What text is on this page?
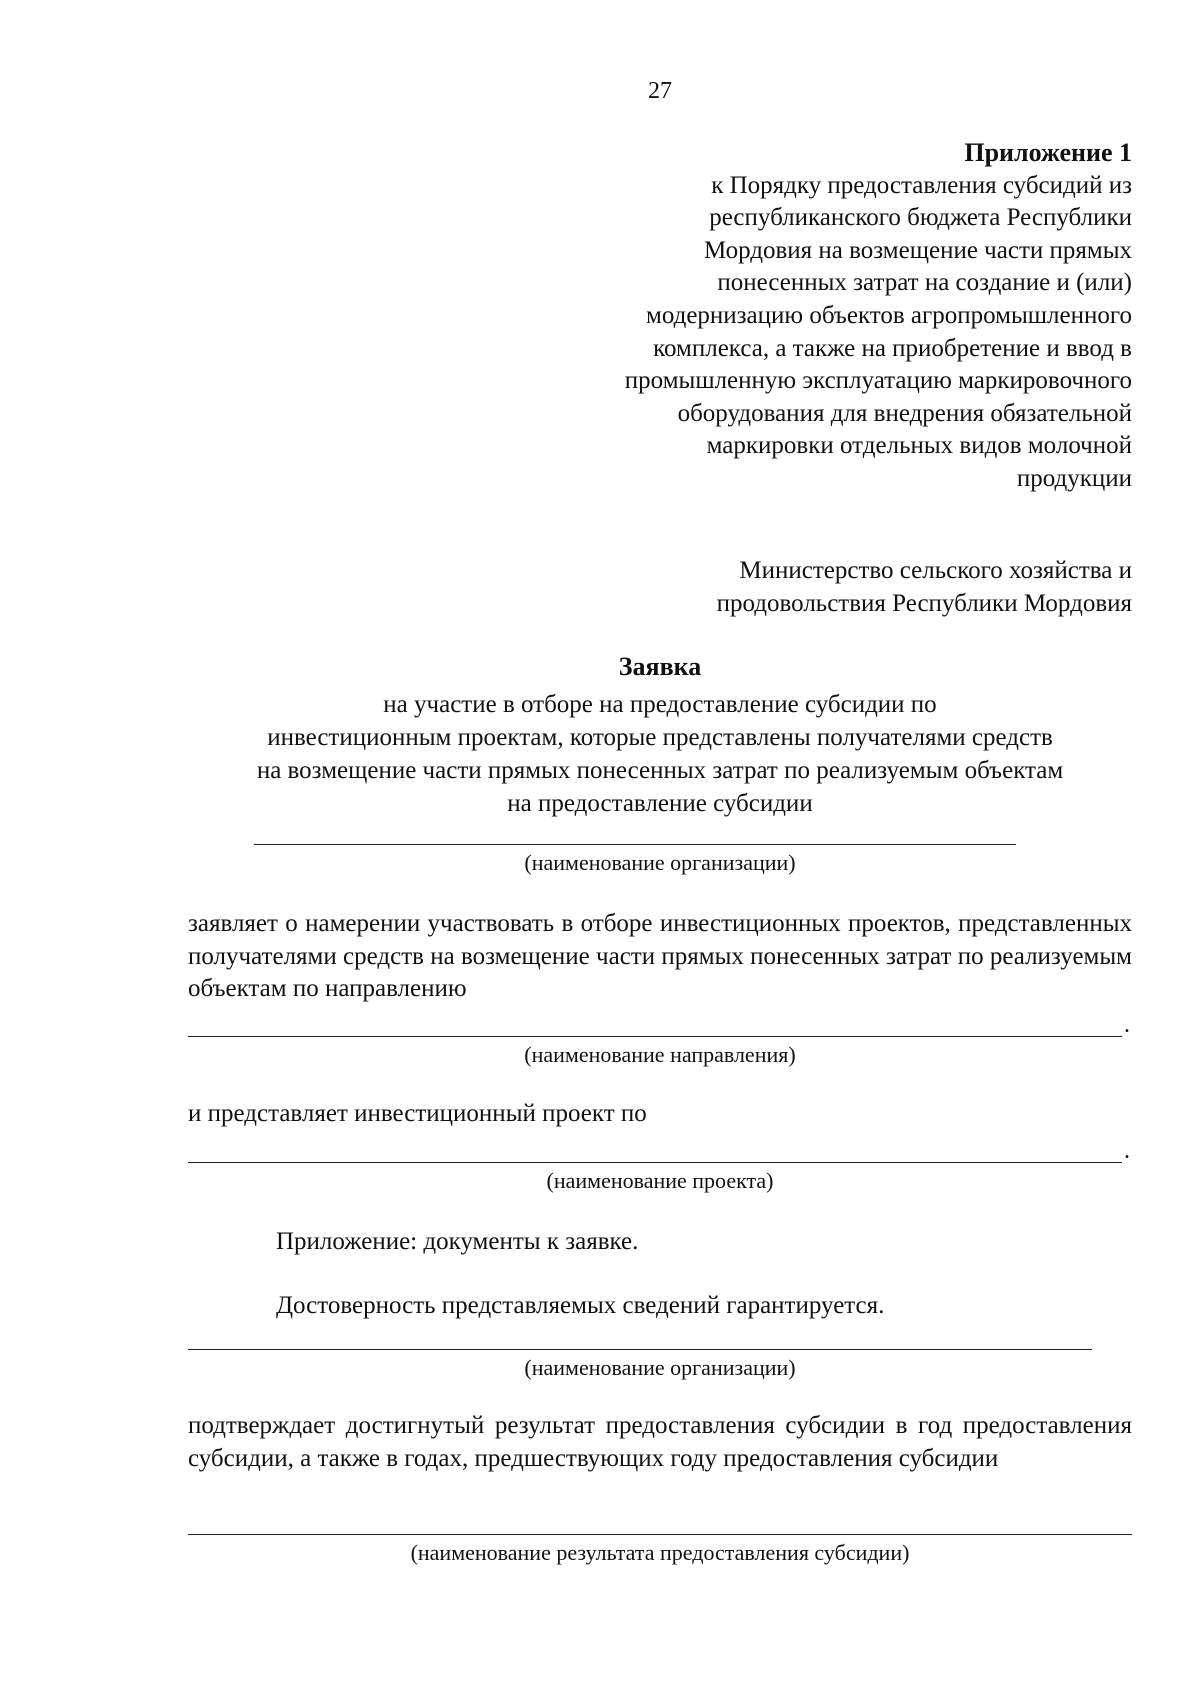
27
Приложение 1
к Порядку предоставления субсидий из
республиканского бюджета Республики
Мордовия на возмещение части прямых
понесенных затрат на создание и (или)
модернизацию объектов агропромышленного
комплекса, а также на приобретение и ввод в
промышленную эксплуатацию маркировочного
оборудования для внедрения обязательной
маркировки отдельных видов молочной
продукции
Министерство сельского хозяйства и
продовольствия Республики Мордовия
Заявка
на участие в отборе на предоставление субсидии по
инвестиционным проектам, которые представлены получателями средств
на возмещение части прямых понесенных затрат по реализуемым объектам
на предоставление субсидии
(наименование организации)
заявляет о намерении участвовать в отборе инвестиционных проектов, представленных получателями средств на возмещение части прямых понесенных затрат по реализуемым объектам по направлению
.
(наименование направления)
и представляет инвестиционный проект по
.
(наименование проекта)
Приложение: документы к заявке.
Достоверность представляемых сведений гарантируется.
(наименование организации)
подтверждает достигнутый результат предоставления субсидии в год предоставления субсидии, а также в годах, предшествующих году предоставления субсидии
(наименование результата предоставления субсидии)
